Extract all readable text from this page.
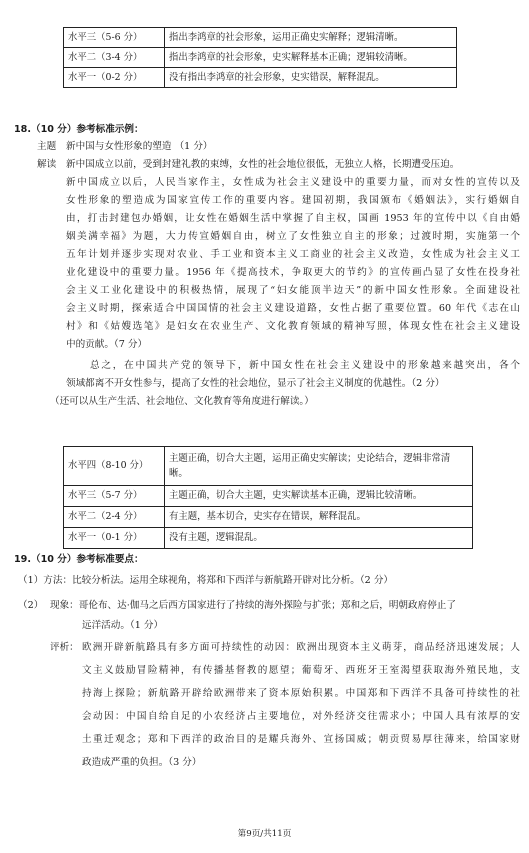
水平三（5-6 分）	指出李鸿章的社会形象，运用正确史实解释；逻辑清晰。
水平二（3-4 分）	指出李鸿章的社会形象，史实解释基本正确；逻辑较清晰。
水平一（0-2 分）	没有指出李鸿章的社会形象，史实错误，解释混乱。
18.（10 分）参考标准示例：
主题 新中国与女性形象的塑造 （1 分）
解读 新中国成立以前，受到封建礼教的束缚，女性的社会地位很低，无独立人格，长期遭受压迫。
新中国成立以后，人民当家作主，女性成为社会主义建设中的重要力量，而对女性的宣传以及
女性形象的塑造成为国家宣传工作的重要内容。建国初期，我国颁布《婚姻法》，实行婚姻自
由，打击封建包办婚姻，让女性在婚姻生活中掌握了自主权，国画 1953 年的宣传中以《自由婚
姻美满幸福》为题，大力传宣婚姻自由，树立了女性独立自主的形象；过渡时期，实施第一个
五年计划并逐步实现对农业、手工业和资本主义工商业的社会主义改造，女性成为社会主义工
业化建设中的重要力量。1956 年《提高技术，争取更大的节约》的宣传画凸显了女性在投身社
会主义工业化建设中的积极热情，展现了“妇女能顶半边天”的新中国女性形象。全面建设社
会主义时期，探索适合中国国情的社会主义建设道路，女性占据了重要位置。60 年代《志在山
村》和《姑嫂选笔》是妇女在农业生产、文化教育领域的精神写照，体现女性在社会主义建设
中的贡献。（7 分）
总之，在中国共产党的领导下，新中国女性在社会主义建设中的形象越来越突出，各个
领域都离不开女性参与，提高了女性的社会地位，显示了社会主义制度的优越性。（2 分）
（还可以从生产生活、社会地位、文化教育等角度进行解读。）
水平四（8-10 分）	主题正确，切合大主题，运用正确史实解读；史论结合，逻辑非常清晰。
水平三（5-7 分）	主题正确，切合大主题，史实解读基本正确，逻辑比较清晰。
水平二（2-4 分）	有主题，基本切合，史实存在错误，解释混乱。
水平一（0-1 分）	没有主题，逻辑混乱。
19.（10 分）参考标准要点：
（1）方法：比较分析法。运用全球视角，将郑和下西洋与新航路开辟对比分析。（2 分）
（2） 现象：哥伦布、达·伽马之后西方国家进行了持续的海外探险与扩张；郑和之后，明朝政府停止了
远洋活动。（1 分）
评析： 欧洲开辟新航路具有多方面可持续性的动因：欧洲出现资本主义萌芽，商品经济迅速发展；人
文主义鼓励冒险精神，有传播基督教的愿望；葡萄牙、西班牙王室渴望获取海外殖民地，支
持海上探险；新航路开辟给欧洲带来了资本原始积累。中国郑和下西洋不具备可持续性的社
会动因：中国自给自足的小农经济占主要地位，对外经济交往需求小；中国人具有浓厚的安
土重迁观念；郑和下西洋的政治目的是耀兵海外、宣扬国威；朝贡贸易厚往薄来，给国家财
政造成严重的负担。（3 分）
第9页/共11页
